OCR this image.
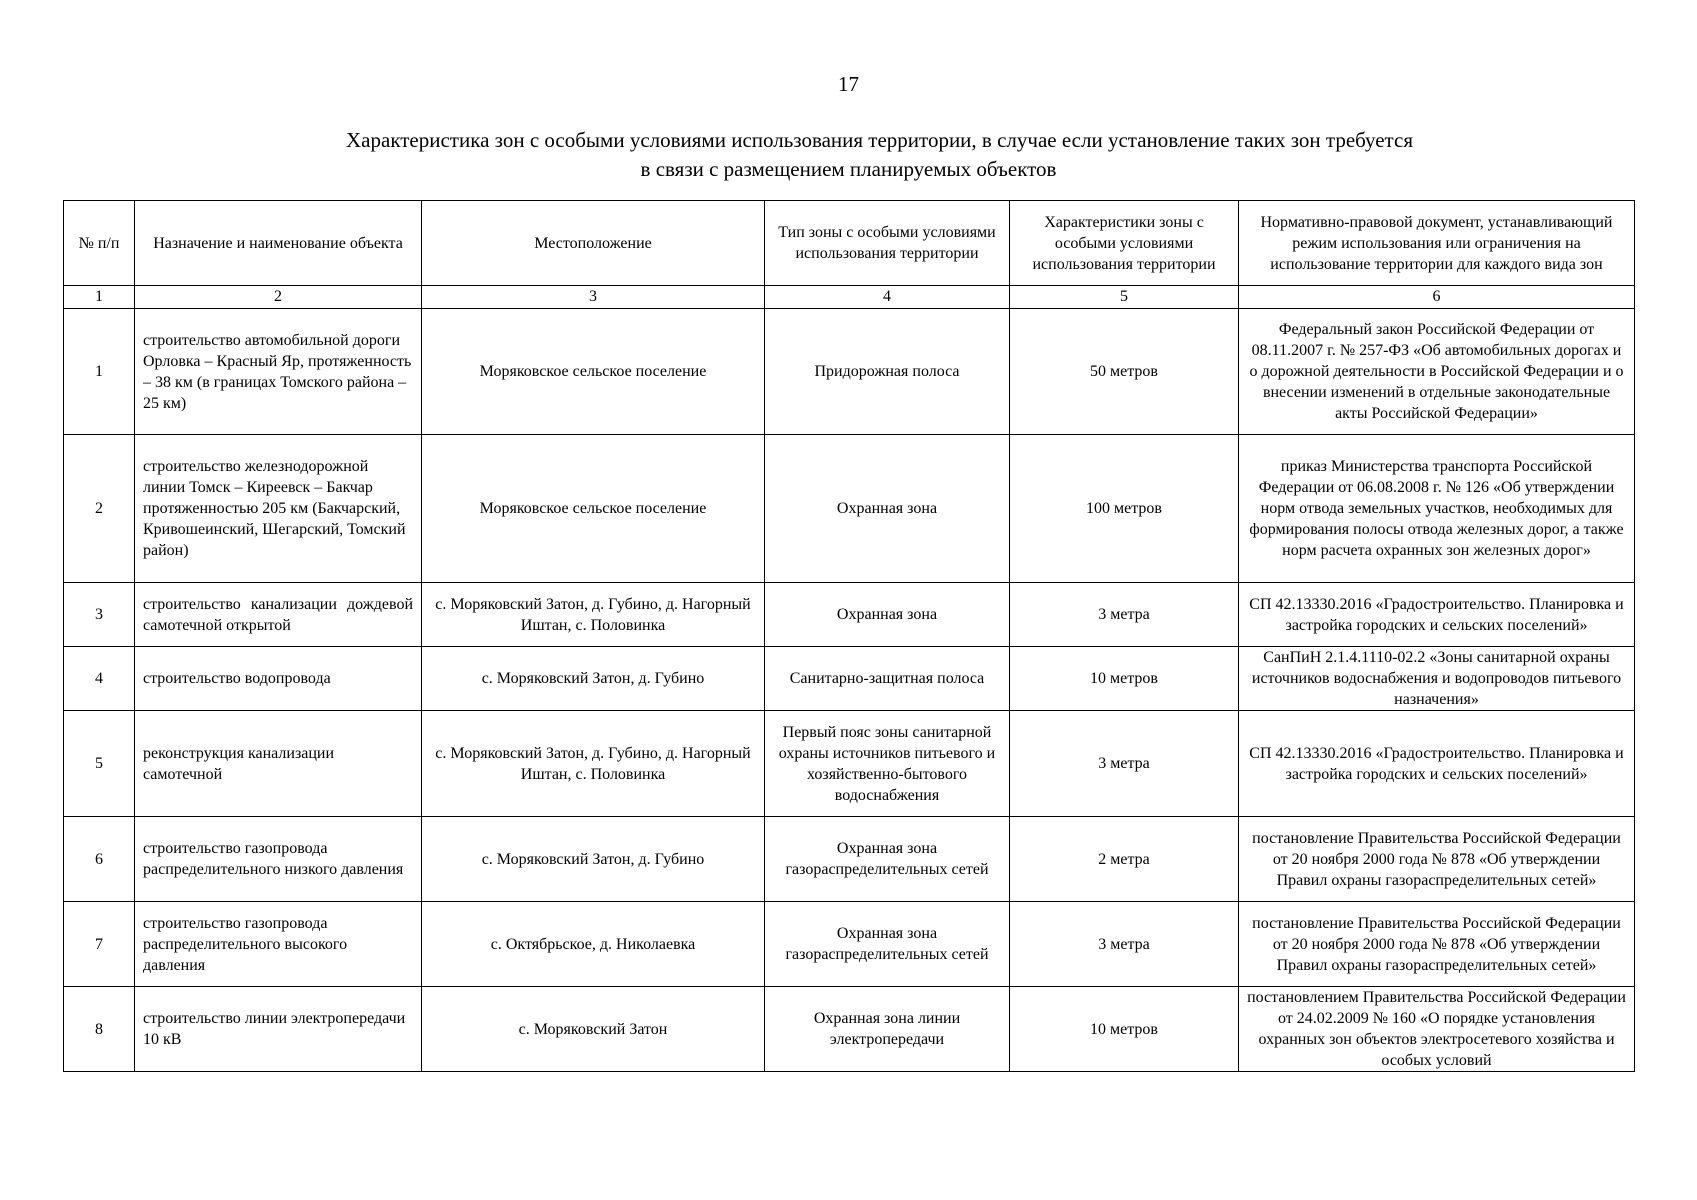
17
Характеристика зон с особыми условиями использования территории, в случае если установление таких зон требуется
в связи с размещением планируемых объектов
№ п/п	Назначение и наименование объекта	Местоположение	Тип зоны с особыми условиями использования территории	Характеристики зоны с особыми условиями использования территории	Нормативно-правовой документ, устанавливающий режим использования или ограничения на использование территории для каждого вида зон
1	2	3	4	5	6
1	строительство автомобильной дороги Орловка – Красный Яр, протяженность – 38 км (в границах Томского района – 25 км)	Моряковское сельское поселение	Придорожная полоса	50 метров	Федеральный закон Российской Федерации от 08.11.2007 г. № 257-ФЗ «Об автомобильных дорогах и о дорожной деятельности в Российской Федерации и о внесении изменений в отдельные законодательные акты Российской Федерации»
2	строительство железнодорожной линии Томск – Киреевск – Бакчар протяженностью 205 км (Бакчарский, Кривошеинский, Шегарский, Томский район)	Моряковское сельское поселение	Охранная зона	100 метров	приказ Министерства транспорта Российской Федерации от 06.08.2008 г. № 126 «Об утверждении норм отвода земельных участков, необходимых для формирования полосы отвода железных дорог, а также норм расчета охранных зон железных дорог»
3	строительство канализации дождевой самотечной открытой	с. Моряковский Затон, д. Губино, д. Нагорный Иштан, с. Половинка	Охранная зона	3 метра	СП 42.13330.2016 «Градостроительство. Планировка и застройка городских и сельских поселений»
4	строительство водопровода	с. Моряковский Затон, д. Губино	Санитарно-защитная полоса	10 метров	СанПиН 2.1.4.1110-02.2 «Зоны санитарной охраны источников водоснабжения и водопроводов питьевого назначения»
5	реконструкция канализации самотечной	с. Моряковский Затон, д. Губино, д. Нагорный Иштан, с. Половинка	Первый пояс зоны санитарной охраны источников питьевого и хозяйственно-бытового водоснабжения	3 метра	СП 42.13330.2016 «Градостроительство. Планировка и застройка городских и сельских поселений»
6	строительство газопровода распределительного низкого давления	с. Моряковский Затон, д. Губино	Охранная зона газораспределительных сетей	2 метра	постановление Правительства Российской Федерации от 20 ноября 2000 года № 878 «Об утверждении Правил охраны газораспределительных сетей»
7	строительство газопровода распределительного высокого давления	с. Октябрьское, д. Николаевка	Охранная зона газораспределительных сетей	3 метра	постановление Правительства Российской Федерации от 20 ноября 2000 года № 878 «Об утверждении Правил охраны газораспределительных сетей»
8	строительство линии электропередачи 10 кВ	с. Моряковский Затон	Охранная зона линии электропередачи	10 метров	постановлением Правительства Российской Федерации от 24.02.2009 № 160 «О порядке установления охранных зон объектов электросетевого хозяйства и особых условий
